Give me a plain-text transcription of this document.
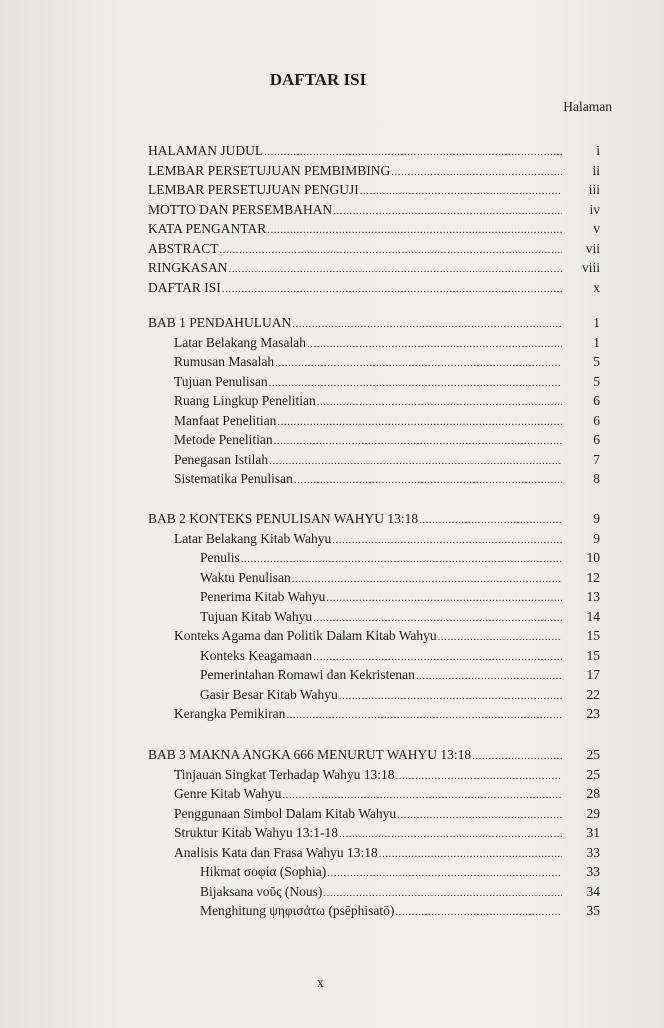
DAFTAR ISI
Halaman
HALAMAN JUDUL .....	i
LEMBAR PERSETUJUAN PEMBIMBING .....	ii
LEMBAR PERSETUJUAN PENGUJI .....	iii
MOTTO DAN PERSEMBAHAN .....	iv
KATA PENGANTAR .....	v
ABSTRACT .....	vii
RINGKASAN .....	viii
DAFTAR ISI .....	x
BAB 1 PENDAHULUAN .....	1
Latar Belakang Masalah .....	1
Rumusan Masalah .....	5
Tujuan Penulisan .....	5
Ruang Lingkup Penelitian .....	6
Manfaat Penelitian .....	6
Metode Penelitian .....	6
Penegasan Istilah .....	7
Sistematika Penulisan .....	8
BAB 2 KONTEKS PENULISAN WAHYU 13:18 .....	9
Latar Belakang Kitab Wahyu .....	9
Penulis .....	10
Waktu Penulisan .....	12
Penerima Kitab Wahyu .....	13
Tujuan Kitab Wahyu .....	14
Konteks Agama dan Politik Dalam Kitab Wahyu .....	15
Konteks Keagamaan .....	15
Pemerintahan Romawi dan Kekristenan .....	17
Gasir Besar Kitab Wahyu .....	22
Kerangka Pemikiran .....	23
BAB 3 MAKNA ANGKA 666 MENURUT WAHYU 13:18 .....	25
Tinjauan Singkat Terhadap Wahyu 13:18 .....	25
Genre Kitab Wahyu .....	28
Penggunaan Simbol Dalam Kitab Wahyu .....	29
Struktur Kitab Wahyu 13:1-18 .....	31
Analisis Kata dan Frasa Wahyu 13:18 .....	33
Hikmat σοφία (Sophia) .....	33
Bijaksana νοῦς (Nous) .....	34
Menghitung ψηφισάτω (psēphisatō) .....	35
x
